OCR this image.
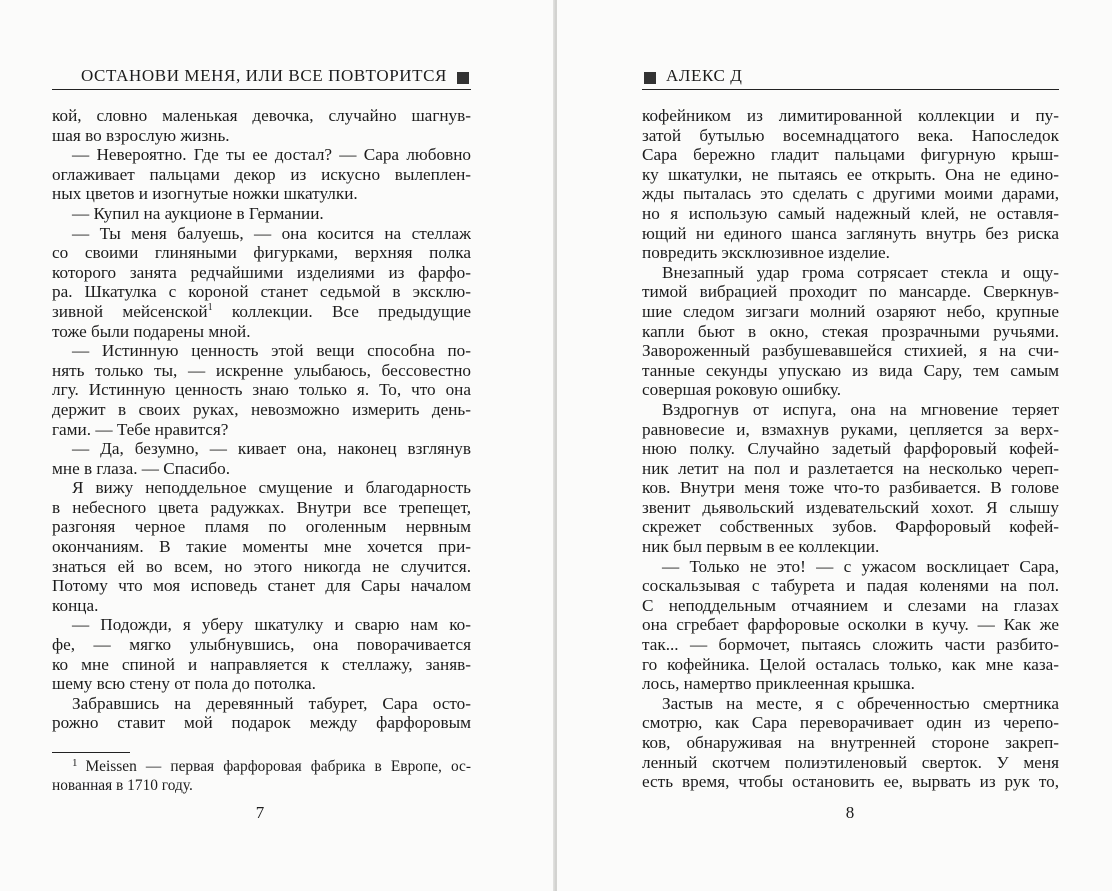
ОСТАНОВИ МЕНЯ, ИЛИ ВСЕ ПОВТОРИТСЯ
кой, словно маленькая девочка, случайно шагнув-
шая во взрослую жизнь.
— Невероятно. Где ты ее достал? — Сара любовно
оглаживает пальцами декор из искусно вылеплен-
ных цветов и изогнутые ножки шкатулки.
— Купил на аукционе в Германии.
— Ты меня балуешь, — она косится на стеллаж
со своими глиняными фигурками, верхняя полка
которого занята редчайшими изделиями из фарфо-
ра. Шкатулка с короной станет седьмой в эксклю-
зивной мейсенской$^1$ коллекции. Все предыдущие
тоже были подарены мной.
— Истинную ценность этой вещи способна по-
нять только ты, — искренне улыбаюсь, бессовестно
лгу. Истинную ценность знаю только я. То, что она
держит в своих руках, невозможно измерить день-
гами. — Тебе нравится?
— Да, безумно, — кивает она, наконец взглянув
мне в глаза. — Спасибо.
Я вижу неподдельное смущение и благодарность
в небесного цвета радужках. Внутри все трепещет,
разгоняя черное пламя по оголенным нервным
окончаниям. В такие моменты мне хочется при-
знаться ей во всем, но этого никогда не случится.
Потому что моя исповедь станет для Сары началом
конца.
— Подожди, я уберу шкатулку и сварю нам ко-
фе, — мягко улыбнувшись, она поворачивается
ко мне спиной и направляется к стеллажу, заняв-
шему всю стену от пола до потолка.
Забравшись на деревянный табурет, Сара осто-
рожно ставит мой подарок между фарфоровым
$^1$ Meissen — первая фарфоровая фабрика в Европе, ос-
нованная в 1710 году.
7
АЛЕКС Д
кофейником из лимитированной коллекции и пу-
затой бутылью восемнадцатого века. Напоследок
Сара бережно гладит пальцами фигурную крыш-
ку шкатулки, не пытаясь ее открыть. Она не едино-
жды пыталась это сделать с другими моими дарами,
но я использую самый надежный клей, не оставля-
ющий ни единого шанса заглянуть внутрь без риска
повредить эксклюзивное изделие.
Внезапный удар грома сотрясает стекла и ощу-
тимой вибрацией проходит по мансарде. Сверкнув-
шие следом зигзаги молний озаряют небо, крупные
капли бьют в окно, стекая прозрачными ручьями.
Завороженный разбушевавшейся стихией, я на счи-
танные секунды упускаю из вида Сару, тем самым
совершая роковую ошибку.
Вздрогнув от испуга, она на мгновение теряет
равновесие и, взмахнув руками, цепляется за верх-
нюю полку. Случайно задетый фарфоровый кофей-
ник летит на пол и разлетается на несколько череп-
ков. Внутри меня тоже что-то разбивается. В голове
звенит дьявольский издевательский хохот. Я слышу
скрежет собственных зубов. Фарфоровый кофей-
ник был первым в ее коллекции.
— Только не это! — с ужасом восклицает Сара,
соскальзывая с табурета и падая коленями на пол.
С неподдельным отчаянием и слезами на глазах
она сгребает фарфоровые осколки в кучу. — Как же
так... — бормочет, пытаясь сложить части разбито-
го кофейника. Целой осталась только, как мне каза-
лось, намертво приклеенная крышка.
Застыв на месте, я с обреченностью смертника
смотрю, как Сара переворачивает один из черепо-
ков, обнаруживая на внутренней стороне закреп-
ленный скотчем полиэтиленовый сверток. У меня
есть время, чтобы остановить ее, вырвать из рук то,
8
